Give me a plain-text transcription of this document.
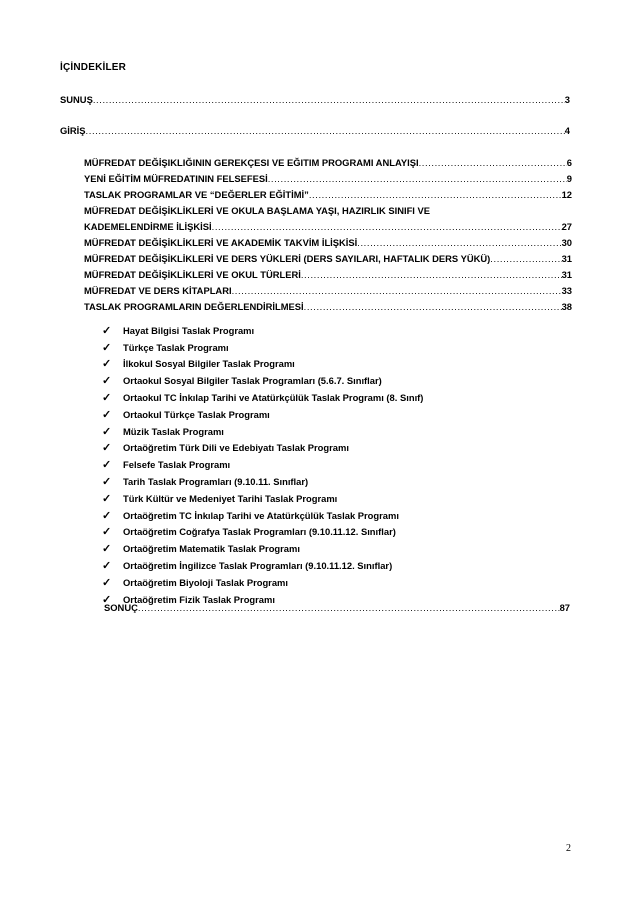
İÇİNDEKİLER
SUNUŞ .....	3
GİRİŞ .....	4
MÜFREDAT DEĞİŞIKLIĞININ GEREKÇESI VE EĞITIM PROGRAMI ANLAYIŞI .....	6
YENİ EĞİTİM MÜFREDATININ FELSEFESİ .....	9
TASLAK PROGRAMLAR VE “DEĞERLER EĞİTİMİ” .....	12
MÜFREDAT DEĞİŞİKLİKLERİ VE OKULA BAŞLAMA YAŞI, HAZIRLIK SINIFI VE
KADEMELENDİRME İLİŞKİSİ .....	27
MÜFREDAT DEĞİŞİKLİKLERİ VE AKADEMİK TAKVİM İLİŞKİSİ .....	30
MÜFREDAT DEĞİŞİKLİKLERİ VE DERS YÜKLERİ (DERS SAYILARI, HAFTALIK DERS YÜKÜ) .....	31
MÜFREDAT DEĞİŞİKLİKLERİ VE OKUL TÜRLERİ .....	31
MÜFREDAT VE DERS KİTAPLARI .....	33
TASLAK PROGRAMLARIN DEĞERLENDİRİLMESİ .....	38
✓	Hayat Bilgisi Taslak Programı
✓	Türkçe Taslak Programı
✓	İlkokul Sosyal Bilgiler Taslak Programı
✓	Ortaokul Sosyal Bilgiler Taslak Programları (5.6.7. Sınıflar)
✓	Ortaokul TC İnkılap Tarihi ve Atatürkçülük Taslak Programı (8. Sınıf)
✓	Ortaokul Türkçe Taslak Programı
✓	Müzik Taslak Programı
✓	Ortaöğretim Türk Dili ve Edebiyatı Taslak Programı
✓	Felsefe Taslak Programı
✓	Tarih Taslak Programları (9.10.11. Sınıflar)
✓	Türk Kültür ve Medeniyet Tarihi Taslak Programı
✓	Ortaöğretim TC İnkılap Tarihi ve Atatürkçülük Taslak Programı
✓	Ortaöğretim Coğrafya Taslak Programları (9.10.11.12. Sınıflar)
✓	Ortaöğretim Matematik Taslak Programı
✓	Ortaöğretim İngilizce Taslak Programları (9.10.11.12. Sınıflar)
✓	Ortaöğretim Biyoloji Taslak Programı
✓	Ortaöğretim Fizik Taslak Programı
SONUÇ .....	87
2
